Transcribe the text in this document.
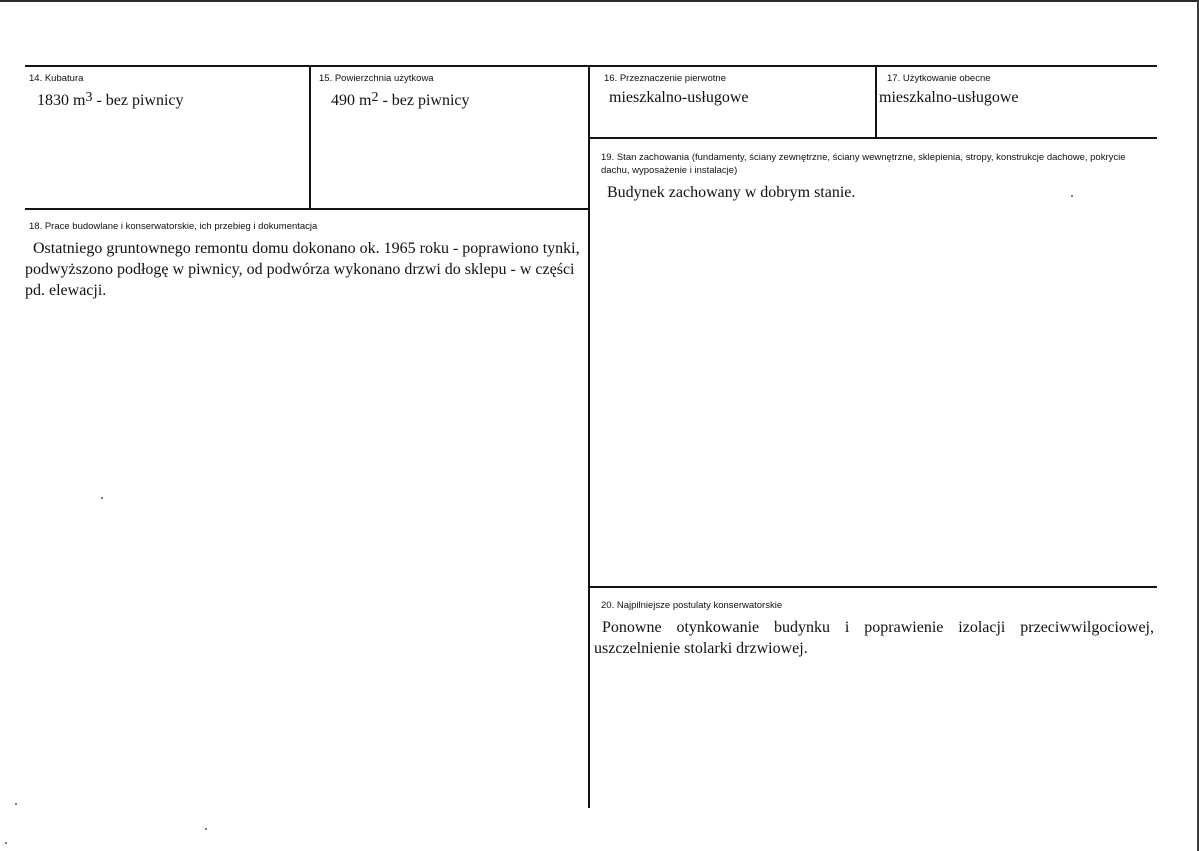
14. Kubatura
1830 $m^3$ - bez piwnicy
15. Powierzchnia użytkowa
490 $m^2$ - bez piwnicy
16. Przeznaczenie pierwotne
mieszkalno-usługowe
17. Użytkowanie obecne
mieszkalno-usługowe
19. Stan zachowania (fundamenty, ściany zewnętrzne, ściany wewnętrzne, sklepienia, stropy, konstrukcje dachowe, pokrycie dachu, wyposażenie i instalacje)
Budynek zachowany w dobrym stanie.
18. Prace budowlane i konserwatorskie, ich przebieg i dokumentacja
Ostatniego gruntownego remontu domu dokonano ok. 1965 roku - poprawiono tynki, podwyższono podłogę w piwnicy, od podwórza wykonano drzwi do sklepu - w części pd. elewacji.
20. Najpilniejsze postulaty konserwatorskie
Ponowne otynkowanie budynku i poprawienie izolacji przeciwwilgociowej, uszczelnienie stolarki drzwiowej.
